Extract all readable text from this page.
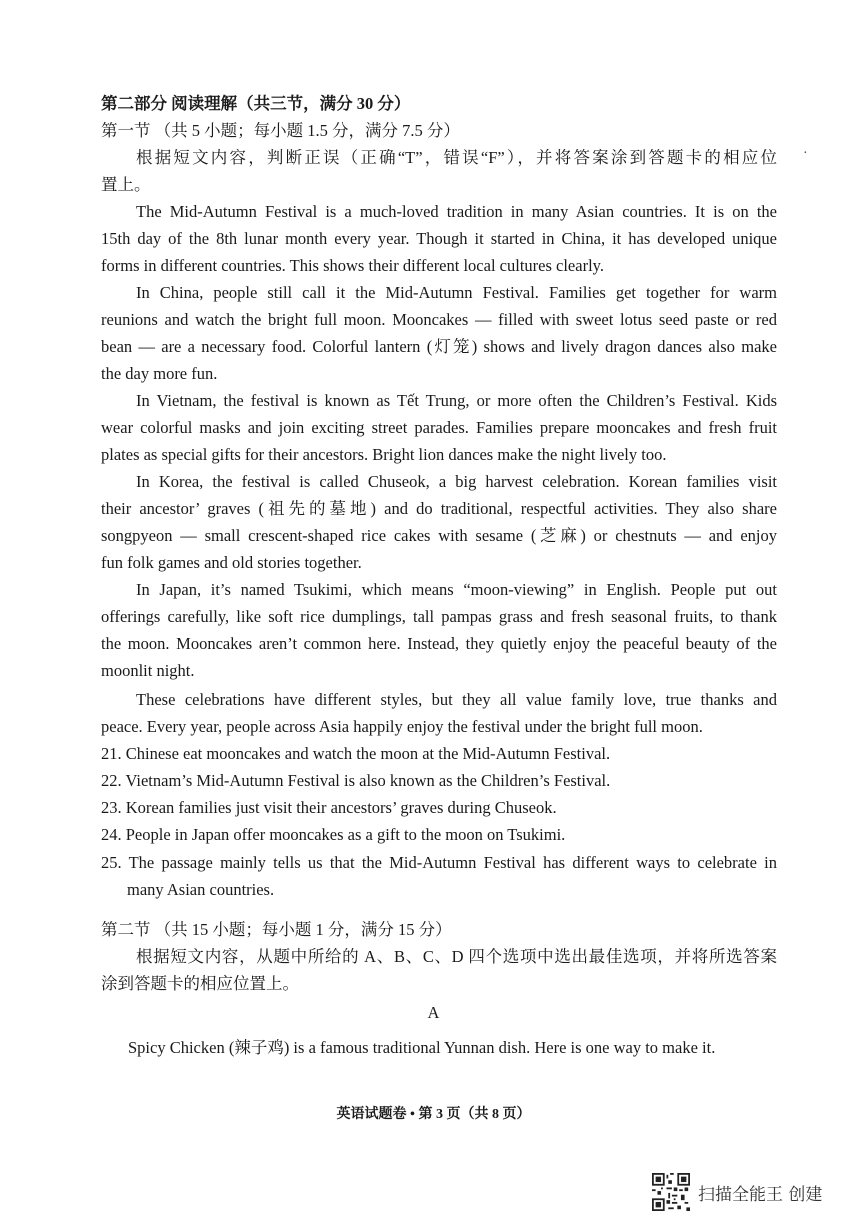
第二部分 阅读理解（共三节，满分 30 分）
第一节 （共 5 小题；每小题 1.5 分，满分 7.5 分）
根据短文内容，判断正误（正确“T”，错误“F”），并将答案涂到答题卡的相应位
置上。
·
The Mid-Autumn Festival is a much-loved tradition in many Asian countries. It is on the
15th day of the 8th lunar month every year. Though it started in China, it has developed unique
forms in different countries. This shows their different local cultures clearly.
In China, people still call it the Mid-Autumn Festival. Families get together for warm
reunions and watch the bright full moon. Mooncakes — filled with sweet lotus seed paste or red
bean — are a necessary food. Colorful lantern (灯笼) shows and lively dragon dances also make
the day more fun.
In Vietnam, the festival is known as Tết Trung, or more often the Children’s Festival. Kids
wear colorful masks and join exciting street parades. Families prepare mooncakes and fresh fruit
plates as special gifts for their ancestors. Bright lion dances make the night lively too.
In Korea, the festival is called Chuseok, a big harvest celebration. Korean families visit
their ancestor’ graves (祖先的墓地) and do traditional, respectful activities. They also share
songpyeon — small crescent-shaped rice cakes with sesame (芝麻) or chestnuts — and enjoy
fun folk games and old stories together.
In Japan, it’s named Tsukimi, which means “moon-viewing” in English. People put out
offerings carefully, like soft rice dumplings, tall pampas grass and fresh seasonal fruits, to thank
the moon. Mooncakes aren’t common here. Instead, they quietly enjoy the peaceful beauty of the
moonlit night.
These celebrations have different styles, but they all value family love, true thanks and
peace. Every year, people across Asia happily enjoy the festival under the bright full moon.
21. Chinese eat mooncakes and watch the moon at the Mid-Autumn Festival.
22. Vietnam’s Mid-Autumn Festival is also known as the Children’s Festival.
23. Korean families just visit their ancestors’ graves during Chuseok.
24. People in Japan offer mooncakes as a gift to the moon on Tsukimi.
25. The passage mainly tells us that the Mid-Autumn Festival has different ways to celebrate in
many Asian countries.
第二节 （共 15 小题；每小题 1 分，满分 15 分）
根据短文内容，从题中所给的 A、B、C、D 四个选项中选出最佳选项，并将所选答案
涂到答题卡的相应位置上。
A
Spicy Chicken (辣子鸡) is a famous traditional Yunnan dish. Here is one way to make it.
英语试题卷 • 第 3 页（共 8 页）
扫描全能王 创建
